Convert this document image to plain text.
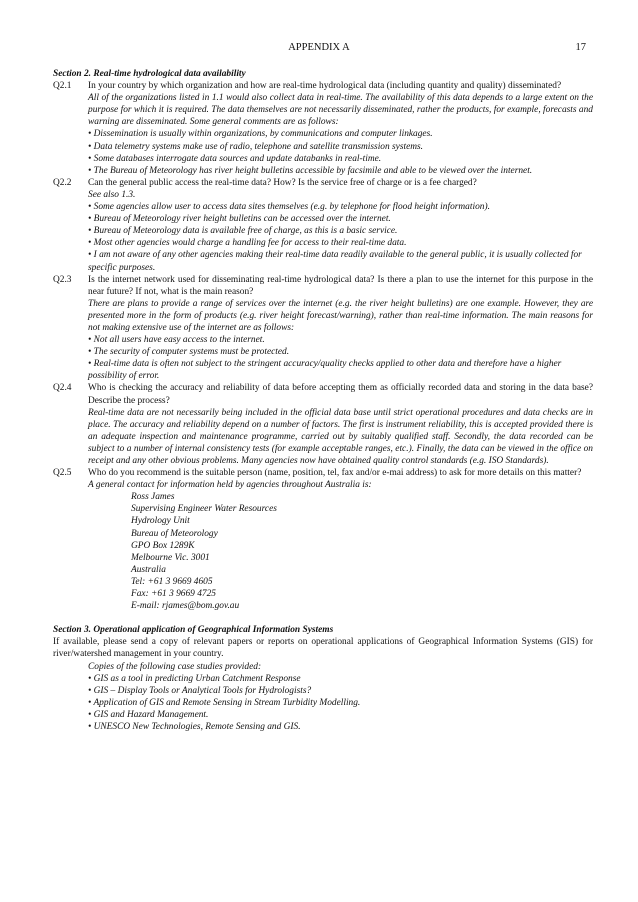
APPENDIX A	17

Section 2. Real-time hydrological data availability

Q2.1	In your country by which organization and how are real-time hydrological data (including quantity and quality) disseminated?

All of the organizations listed in 1.1 would also collect data in real-time. The availability of this data depends to a large extent on the purpose for which it is required. The data themselves are not necessarily disseminated, rather the products, for example, forecasts and warning are disseminated. Some general comments are as follows:

• Dissemination is usually within organizations, by communications and computer linkages.
• Data telemetry systems make use of radio, telephone and satellite transmission systems.
• Some databases interrogate data sources and update databanks in real-time.
• The Bureau of Meteorology has river height bulletins accessible by facsimile and able to be viewed over the internet.
Q2.2	Can the general public access the real-time data? How? Is the service free of charge or is a fee charged?

See also 1.3.

• Some agencies allow user to access data sites themselves (e.g. by telephone for flood height information).
• Bureau of Meteorology river height bulletins can be accessed over the internet.
• Bureau of Meteorology data is available free of charge, as this is a basic service.
• Most other agencies would charge a handling fee for access to their real-time data.
• I am not aware of any other agencies making their real-time data readily available to the general public, it is usually collected for specific purposes.
Q2.3	Is the internet network used for disseminating real-time hydrological data? Is there a plan to use the internet for this purpose in the near future? If not, what is the main reason?

There are plans to provide a range of services over the internet (e.g. the river height bulletins) are one example. However, they are presented more in the form of products (e.g. river height forecast/warning), rather than real-time information. The main reasons for not making extensive use of the internet are as follows:

• Not all users have easy access to the internet.
• The security of computer systems must be protected.
• Real-time data is often not subject to the stringent accuracy/quality checks applied to other data and therefore have a higher possibility of error.
Q2.4	Who is checking the accuracy and reliability of data before accepting them as officially recorded data and storing in the data base? Describe the process?

Real-time data are not necessarily being included in the official data base until strict operational procedures and data checks are in place. The accuracy and reliability depend on a number of factors. The first is instrument reliability, this is accepted provided there is an adequate inspection and maintenance programme, carried out by suitably qualified staff. Secondly, the data recorded can be subject to a number of internal consistency tests (for example acceptable ranges, etc.). Finally, the data can be viewed in the office on receipt and any other obvious problems. Many agencies now have obtained quality control standards (e.g. ISO Standards).

Q2.5	Who do you recommend is the suitable person (name, position, tel, fax and/or e-mai address) to ask for more details on this matter?

A general contact for information held by agencies throughout Australia is:

Ross James
Supervising Engineer Water Resources
Hydrology Unit
Bureau of Meteorology
GPO Box 1289K
Melbourne Vic. 3001
Australia
Tel: +61 3 9669 4605
Fax: +61 3 9669 4725
E-mail: rjames@bom.gov.au

Section 3. Operational application of Geographical Information Systems

If available, please send a copy of relevant papers or reports on operational applications of Geographical Information Systems (GIS) for river/watershed management in your country.

Copies of the following case studies provided:

• GIS as a tool in predicting Urban Catchment Response
• GIS – Display Tools or Analytical Tools for Hydrologists?
• Application of GIS and Remote Sensing in Stream Turbidity Modelling.
• GIS and Hazard Management.
• UNESCO New Technologies, Remote Sensing and GIS.
